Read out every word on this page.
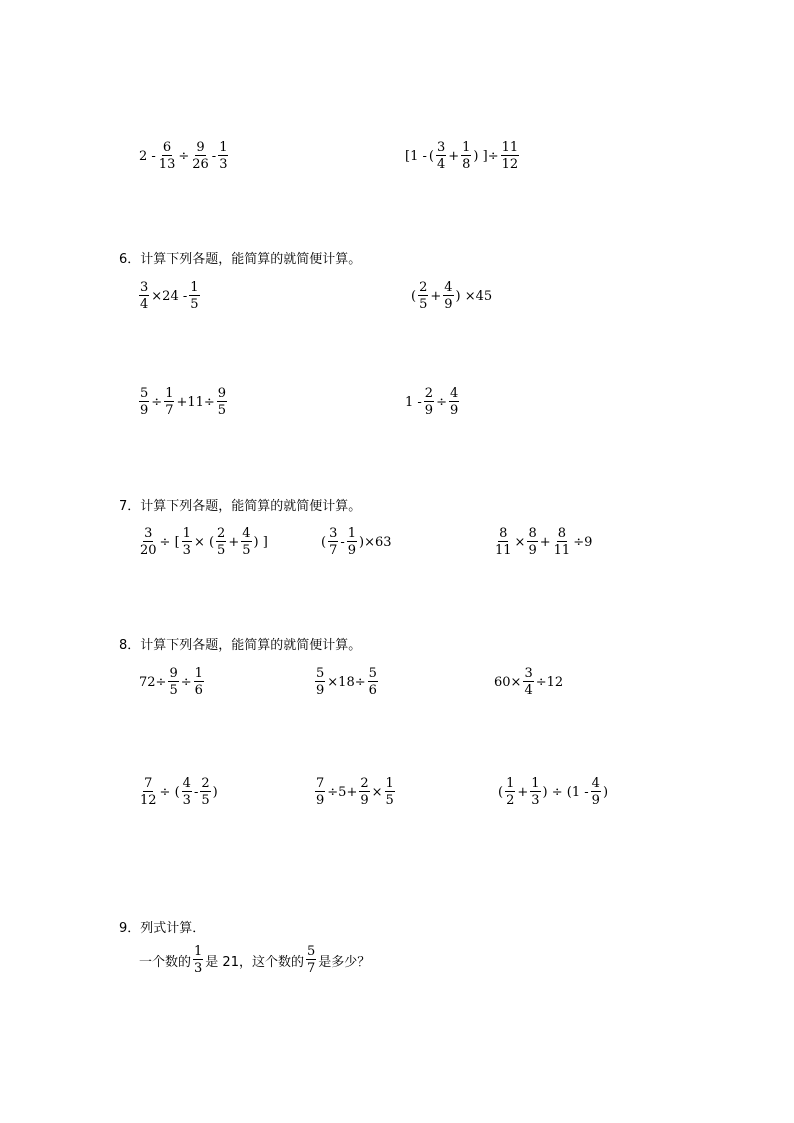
$2 - \frac{6}{13} \div \frac{9}{26} - \frac{1}{3}$	[1 - ( $\frac{3}{4} + \frac{1}{8}$ ) ]÷ $\frac{11}{12}$
6．计算下列各题，能简算的就简便计算。
$\frac{3}{4} \times 24 - \frac{1}{5}$	( $\frac{2}{5} + \frac{4}{9}$ ) ×45
$\frac{5}{9} \div \frac{1}{7} +11\div \frac{9}{5}$	$1 - \frac{2}{9} \div \frac{4}{9}$
7．计算下列各题，能简算的就简便计算。
$\frac{3}{20}$ ÷ [ $\frac{1}{3}$ × ( $\frac{2}{5} + \frac{4}{5}$ ) ]	( $\frac{3}{7} - \frac{1}{9} )\times 63$	$\frac{8}{11} \times \frac{8}{9} + \frac{8}{11} \div 9$
8．计算下列各题，能简算的就简便计算。
$72\div \frac{9}{5} \div \frac{1}{6}$	$\frac{5}{9} \times 18\div \frac{5}{6}$	$60\times \frac{3}{4} \div 12$
$\frac{7}{12}$ ÷ ( $\frac{4}{3} - \frac{2}{5}$ )	$\frac{7}{9} \div 5+ \frac{2}{9} \times \frac{1}{5}$	( $\frac{1}{2} + \frac{1}{3}$ ) ÷ ($1 - \frac{4}{9}$ )
9．列式计算．
一个数的 $\frac{1}{3}$ 是 21，这个数的 $\frac{5}{7}$ 是多少？
